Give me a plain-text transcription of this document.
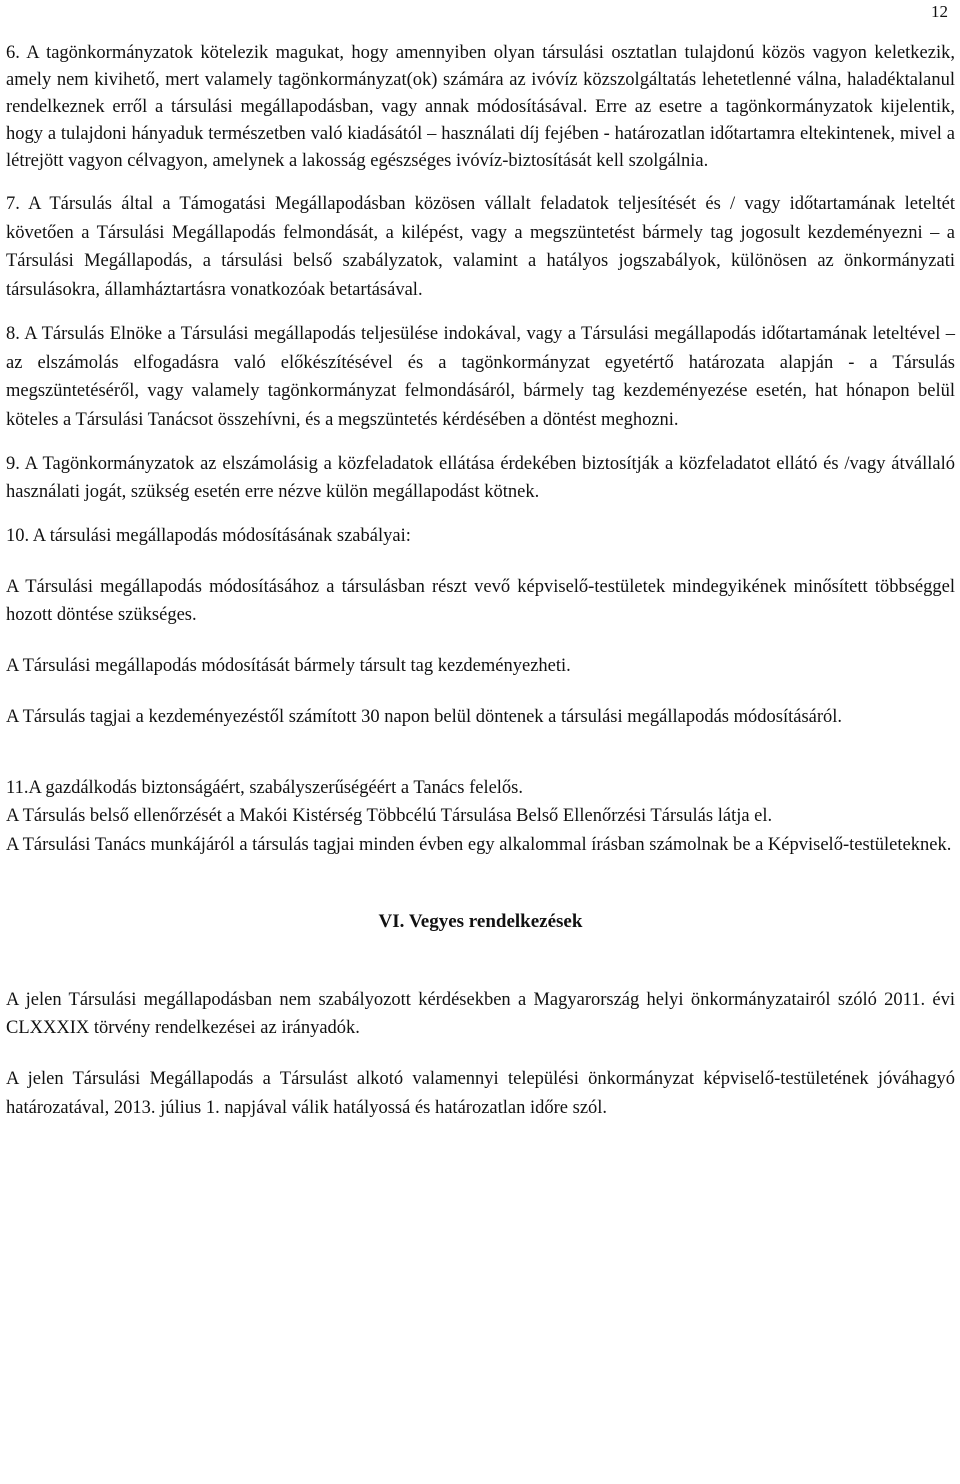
12

6. A tagönkormányzatok kötelezik magukat, hogy amennyiben olyan társulási osztatlan tulajdonú közös vagyon keletkezik, amely nem kivihető, mert valamely tagönkormányzat(ok) számára az ivóvíz közszolgáltatás lehetetlenné válna, haladéktalanul rendelkeznek erről a társulási megállapodásban, vagy annak módosításával. Erre az esetre a tagönkormányzatok kijelentik, hogy a tulajdoni hányaduk természetben való kiadásától – használati díj fejében - határozatlan időtartamra eltekintenek, mivel a létrejött vagyon célvagyon, amelynek a lakosság egészséges ivóvíz-biztosítását kell szolgálnia.

7. A Társulás által a Támogatási Megállapodásban közösen vállalt feladatok teljesítését és / vagy időtartamának leteltét követően a Társulási Megállapodás felmondását, a kilépést, vagy a megszüntetést bármely tag jogosult kezdeményezni – a Társulási Megállapodás, a társulási belső szabályzatok, valamint a hatályos jogszabályok, különösen az önkormányzati társulásokra, államháztartásra vonatkozóak betartásával.

8. A Társulás Elnöke a Társulási megállapodás teljesülése indokával, vagy a Társulási megállapodás időtartamának leteltével – az elszámolás elfogadásra való előkészítésével és a tagönkormányzat egyetértő határozata alapján - a Társulás megszüntetéséről, vagy valamely tagönkormányzat felmondásáról, bármely tag kezdeményezése esetén, hat hónapon belül köteles a Társulási Tanácsot összehívni, és a megszüntetés kérdésében a döntést meghozni.

9. A Tagönkormányzatok az elszámolásig a közfeladatok ellátása érdekében biztosítják a közfeladatot ellátó és /vagy átvállaló használati jogát, szükség esetén erre nézve külön megállapodást kötnek.

10. A társulási megállapodás módosításának szabályai:

A Társulási megállapodás módosításához a társulásban részt vevő képviselő-testületek mindegyikének minősített többséggel hozott döntése szükséges.

A Társulási megállapodás módosítását bármely társult tag kezdeményezheti.

A Társulás tagjai a kezdeményezéstől számított 30 napon belül döntenek a társulási megállapodás módosításáról.

11.A gazdálkodás biztonságáért, szabályszerűségéért a Tanács felelős.

A Társulás belső ellenőrzését a Makói Kistérség Többcélú Társulása Belső Ellenőrzési Társulás látja el.

A Társulási Tanács munkájáról a társulás tagjai minden évben egy alkalommal írásban számolnak be a Képviselő-testületeknek.

VI. Vegyes rendelkezések

A jelen Társulási megállapodásban nem szabályozott kérdésekben a Magyarország helyi önkormányzatairól szóló 2011. évi CLXXXIX törvény rendelkezései az irányadók.

A jelen Társulási Megállapodás a Társulást alkotó valamennyi települési önkormányzat képviselő-testületének jóváhagyó határozatával, 2013. július 1. napjával válik hatályossá és határozatlan időre szól.
